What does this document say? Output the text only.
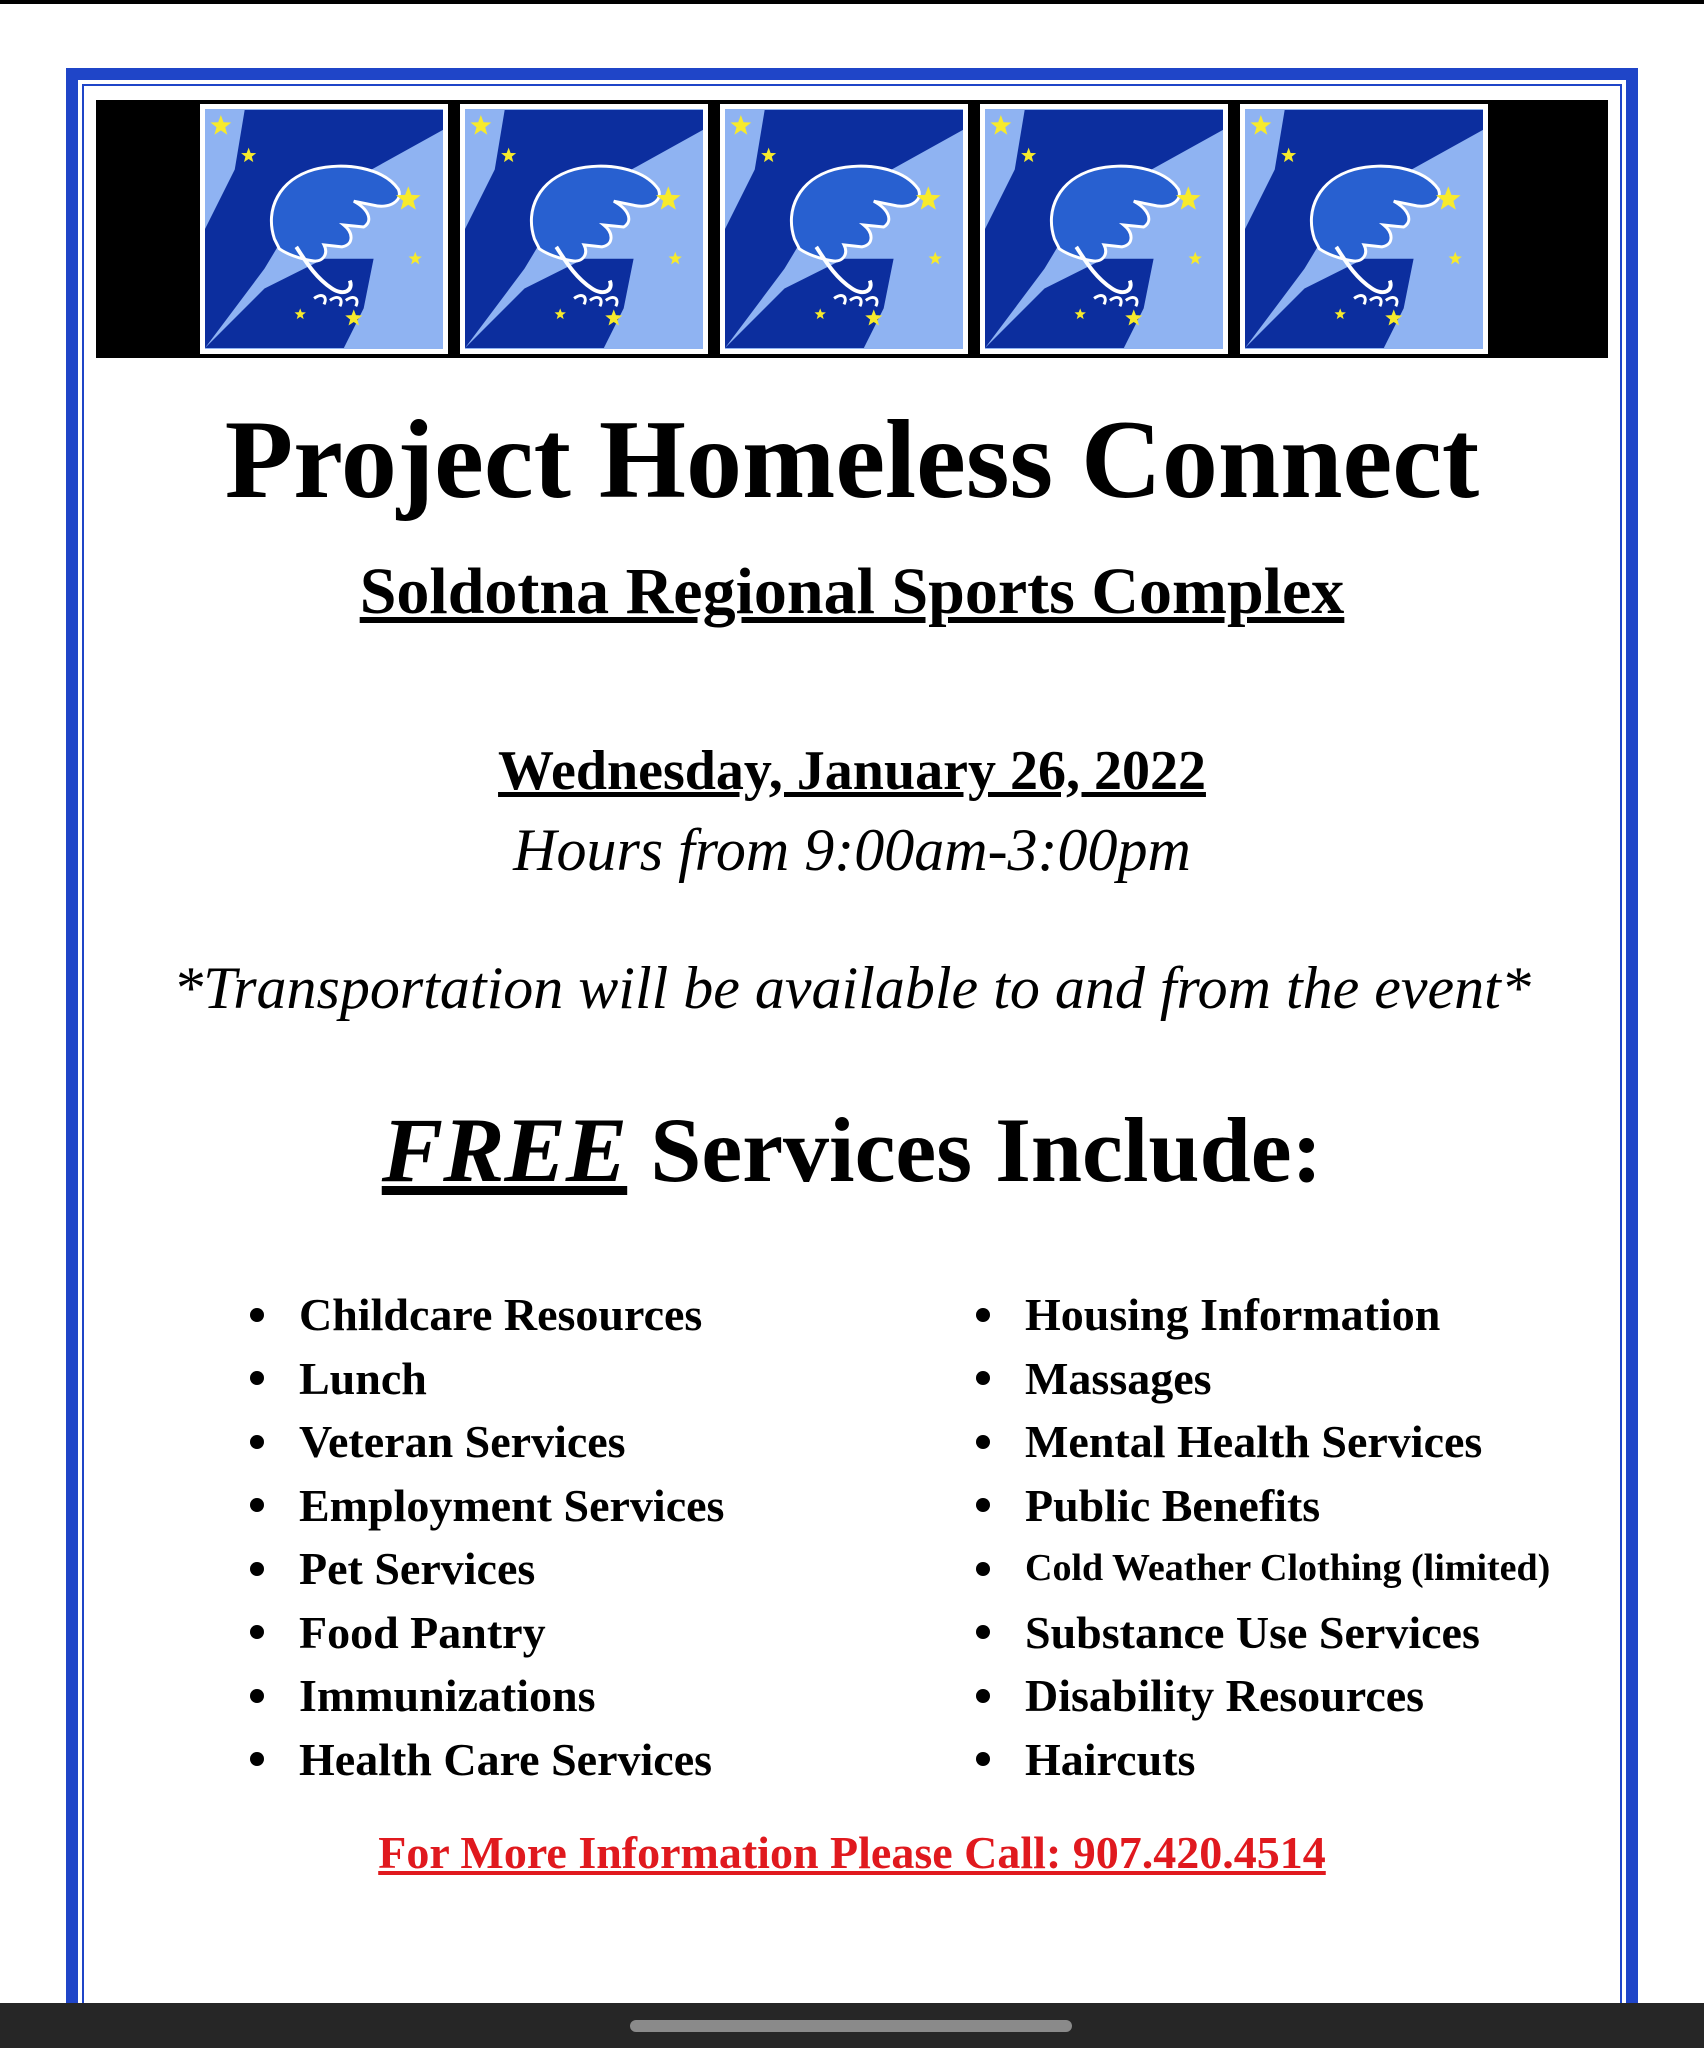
Project Homeless Connect
Soldotna Regional Sports Complex
Wednesday, January 26, 2022
Hours from 9:00am-3:00pm
*Transportation will be available to and from the event*
FREE Services Include:
Childcare Resources
Lunch
Veteran Services
Employment Services
Pet Services
Food Pantry
Immunizations
Health Care Services
Housing Information
Massages
Mental Health Services
Public Benefits
Cold Weather Clothing (limited)
Substance Use Services
Disability Resources
Haircuts
For More Information Please Call: 907.420.4514
